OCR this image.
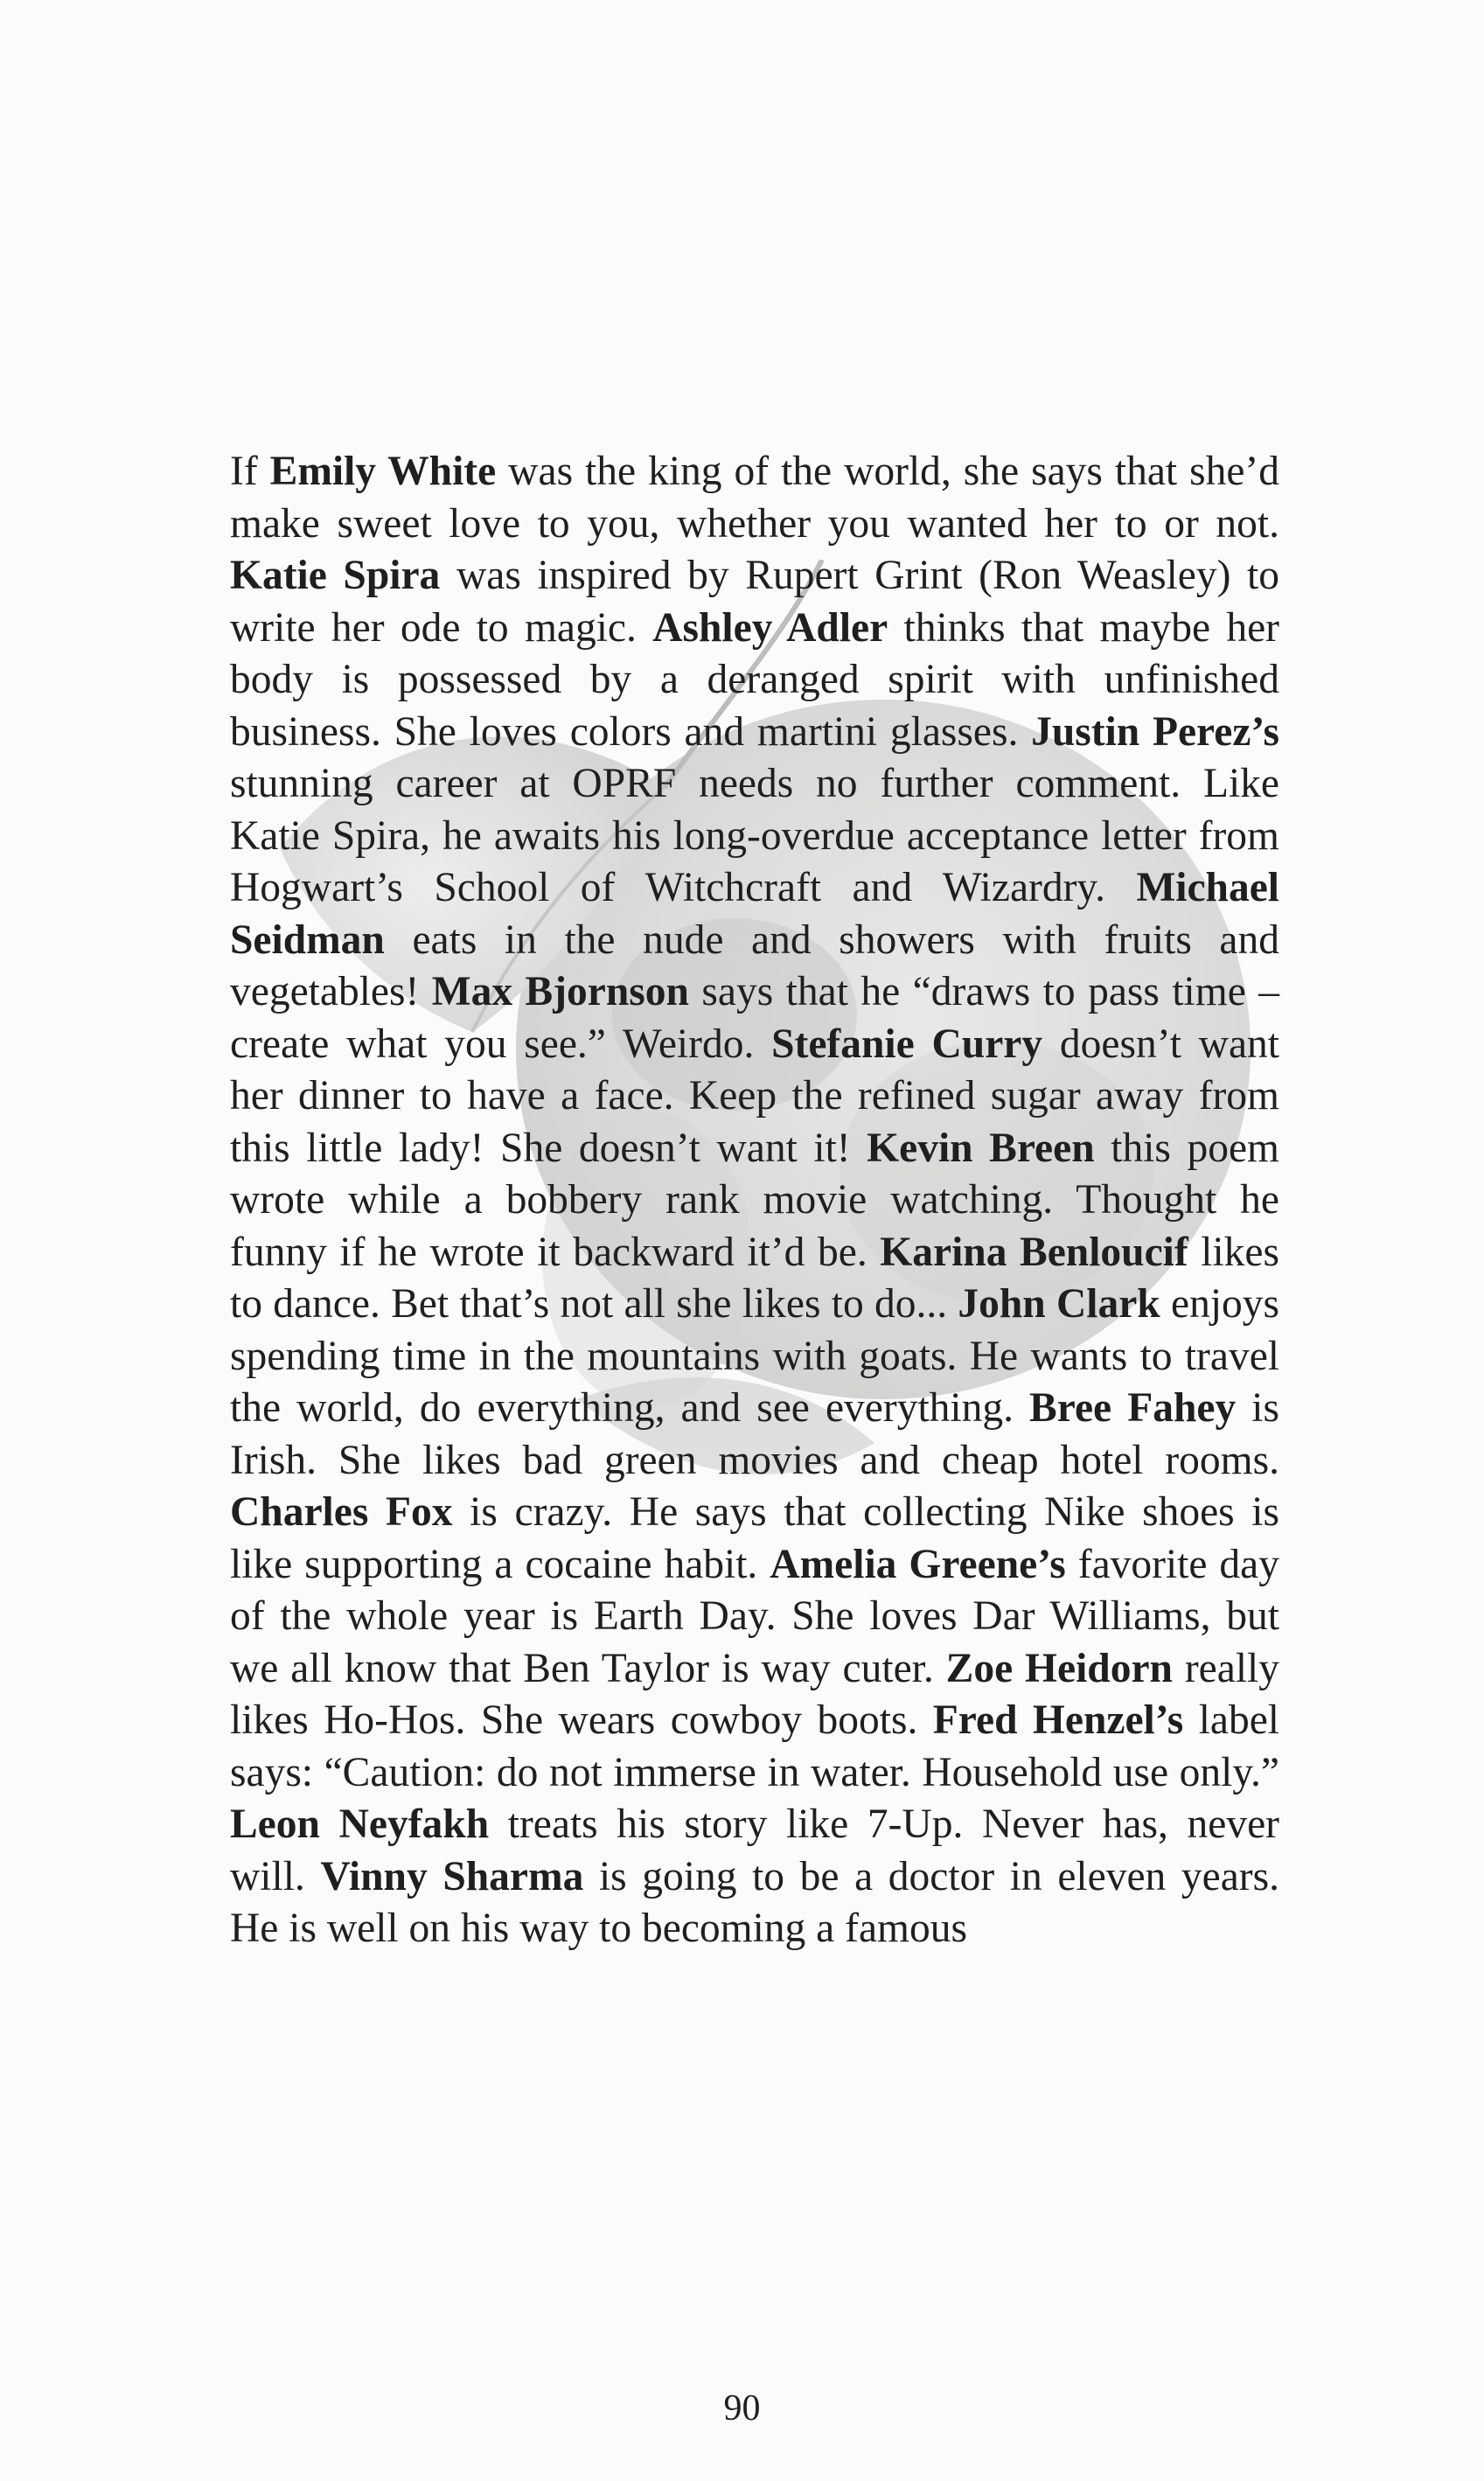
If Emily White was the king of the world, she says that she’d make sweet love to you, whether you wanted her to or not. Katie Spira was inspired by Rupert Grint (Ron Weasley) to write her ode to magic. Ashley Adler thinks that maybe her body is possessed by a deranged spirit with unfinished business. She loves colors and martini glasses. Justin Perez’s stunning career at OPRF needs no further comment. Like Katie Spira, he awaits his long-overdue acceptance letter from Hogwart’s School of Witchcraft and Wizardry. Michael Seidman eats in the nude and showers with fruits and vegetables! Max Bjornson says that he “draws to pass time – create what you see.” Weirdo. Stefanie Curry doesn’t want her dinner to have a face. Keep the refined sugar away from this little lady! She doesn’t want it! Kevin Breen this poem wrote while a bobbery rank movie watching. Thought he funny if he wrote it backward it’d be. Karina Benloucif likes to dance. Bet that’s not all she likes to do... John Clark enjoys spending time in the mountains with goats. He wants to travel the world, do everything, and see everything. Bree Fahey is Irish. She likes bad green movies and cheap hotel rooms. Charles Fox is crazy. He says that collecting Nike shoes is like supporting a cocaine habit. Amelia Greene’s favorite day of the whole year is Earth Day. She loves Dar Williams, but we all know that Ben Taylor is way cuter. Zoe Heidorn really likes Ho-Hos. She wears cowboy boots. Fred Henzel’s label says: “Caution: do not immerse in water. Household use only.” Leon Neyfakh treats his story like 7-Up. Never has, never will. Vinny Sharma is going to be a doctor in eleven years. He is well on his way to becoming a famous

90
